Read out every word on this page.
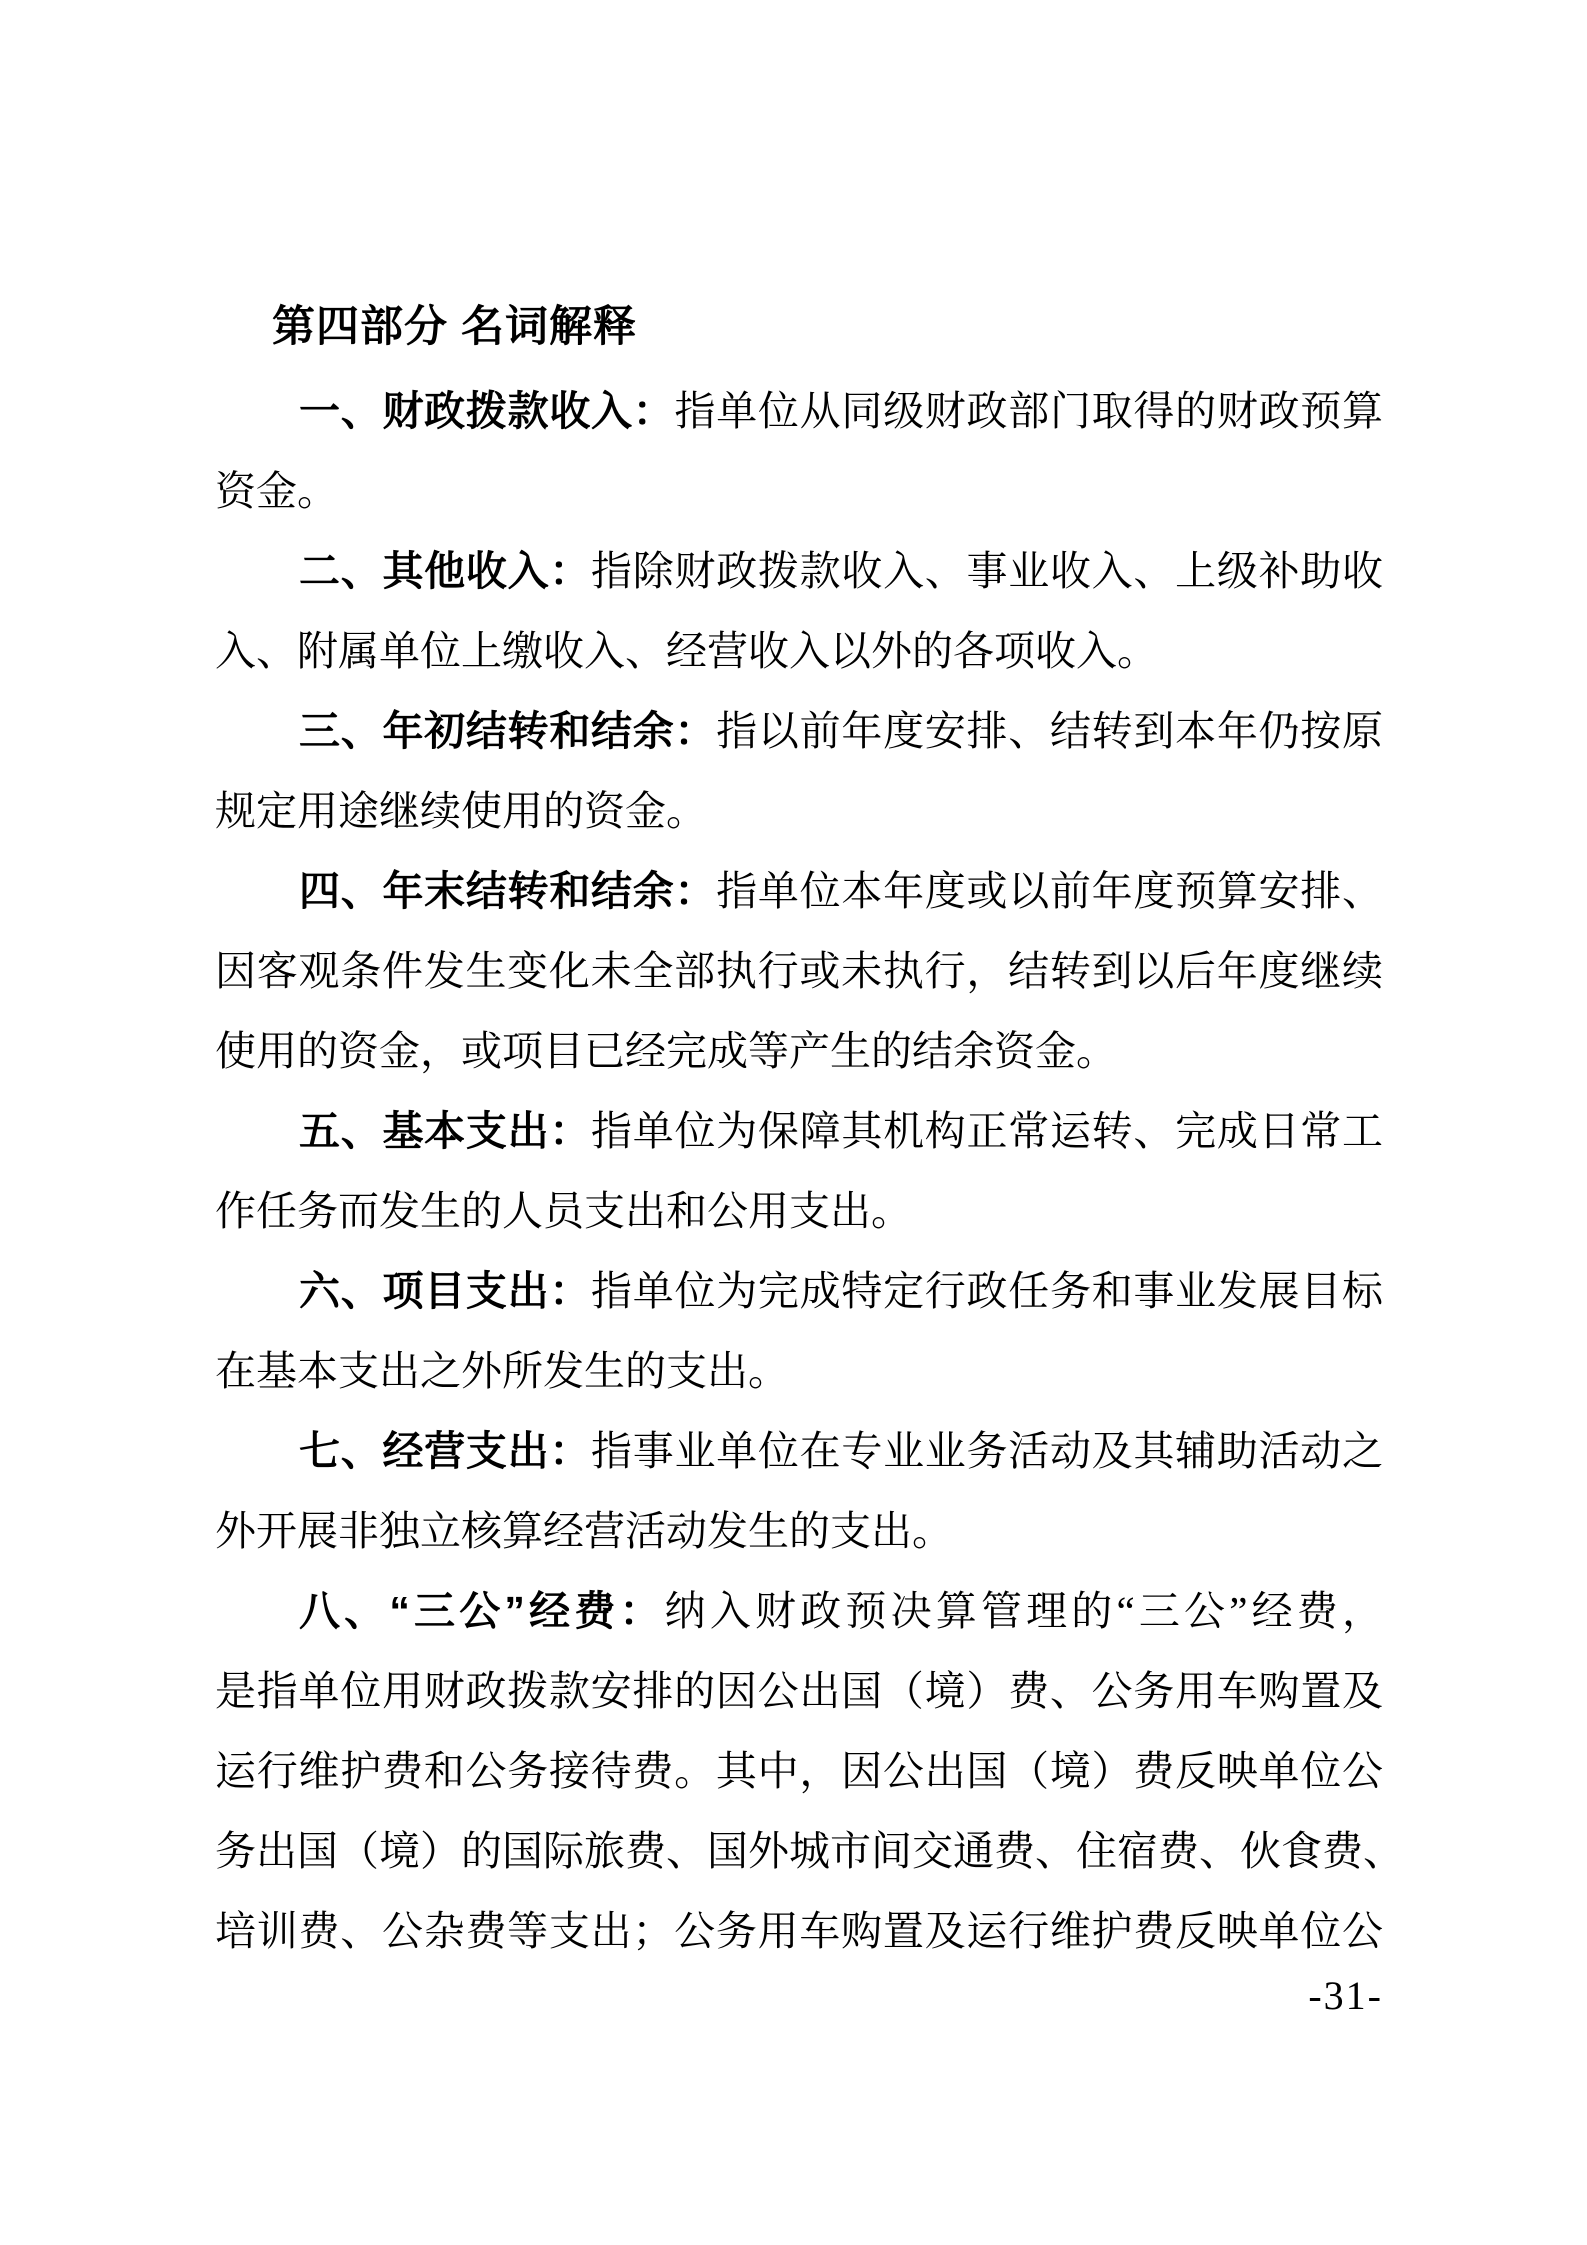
第四部分 名词解释
一、财政拨款收入：指单位从同级财政部门取得的财政预算
资金。
二、其他收入：指除财政拨款收入、事业收入、上级补助收
入、附属单位上缴收入、经营收入以外的各项收入。
三、年初结转和结余：指以前年度安排、结转到本年仍按原
规定用途继续使用的资金。
四、年末结转和结余：指单位本年度或以前年度预算安排、
因客观条件发生变化未全部执行或未执行，结转到以后年度继续
使用的资金，或项目已经完成等产生的结余资金。
五、基本支出：指单位为保障其机构正常运转、完成日常工
作任务而发生的人员支出和公用支出。
六、项目支出：指单位为完成特定行政任务和事业发展目标
在基本支出之外所发生的支出。
七、经营支出：指事业单位在专业业务活动及其辅助活动之
外开展非独立核算经营活动发生的支出。
八、“三公”经费：纳入财政预决算管理的“三公”经费，
是指单位用财政拨款安排的因公出国（境）费、公务用车购置及
运行维护费和公务接待费。其中，因公出国（境）费反映单位公
务出国（境）的国际旅费、国外城市间交通费、住宿费、伙食费、
培训费、公杂费等支出；公务用车购置及运行维护费反映单位公
-31-
